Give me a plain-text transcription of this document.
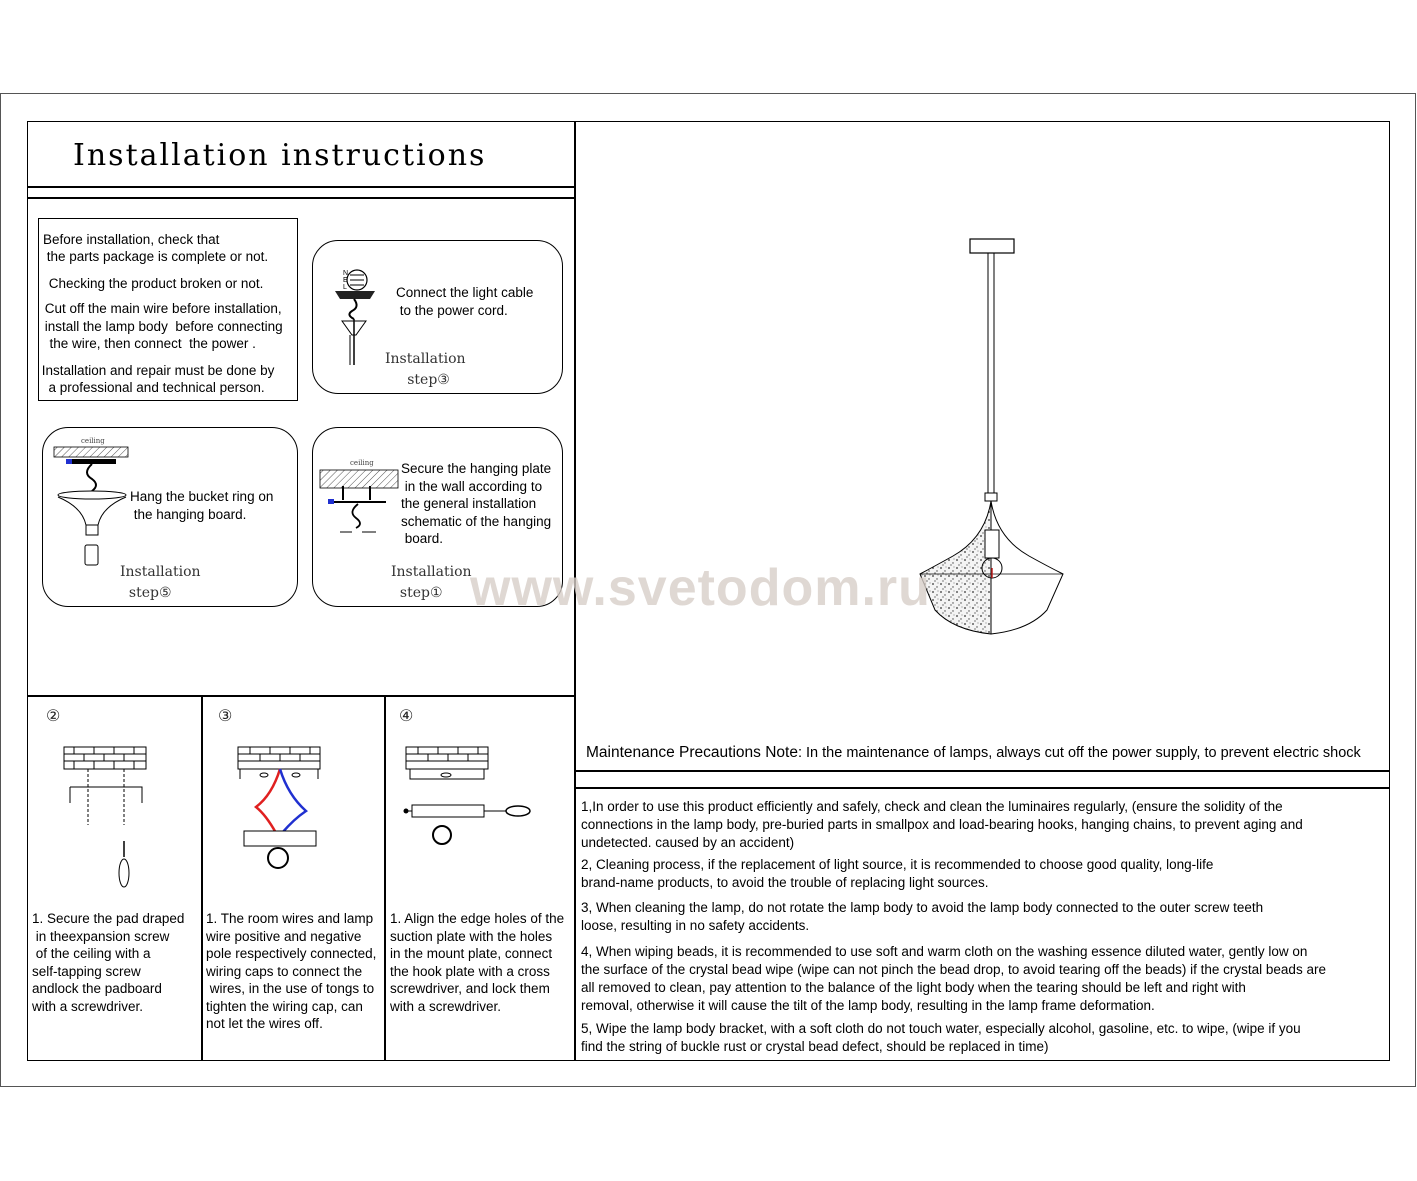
Installation instructions
Before installation, check that
the parts package is complete or not.
Checking the product broken or not.
Cut off the main wire before installation,
install the lamp body  before connecting
the wire, then connect  the power .
Installation and repair must be done by
a professional and technical person.
N
E
L	Connect the light cable
to the power cord.
Installation
step③
ceiling
Hang the bucket ring on
the hanging board.
Installation
step⑤
ceiling Secure the hanging plate
in the wall according to
the general installation
schematic of the hanging
board.
Installation
step①
②
1. Secure the pad draped
in theexpansion screw
of the ceiling with a
self-tapping screw
andlock the padboard
with a screwdriver.
③
1. The room wires and lamp
wire positive and negative
pole respectively connected,
wiring caps to connect the
wires, in the use of tongs to
tighten the wiring cap, can
not let the wires off.
④
1. Align the edge holes of the
suction plate with the holes
in the mount plate, connect
the hook plate with a cross
screwdriver, and lock them
with a screwdriver.
www.svetodom.ru
Maintenance Precautions Note: In the maintenance of lamps, always cut off the power supply, to prevent electric shock
1,In order to use this product efficiently and safely, check and clean the luminaires regularly, (ensure the solidity of the
connections in the lamp body, pre-buried parts in smallpox and load-bearing hooks, hanging chains, to prevent aging and
undetected. caused by an accident)
2, Cleaning process, if the replacement of light source, it is recommended to choose good quality, long-life
brand-name products, to avoid the trouble of replacing light sources.
3, When cleaning the lamp, do not rotate the lamp body to avoid the lamp body connected to the outer screw teeth
loose, resulting in no safety accidents.
4, When wiping beads, it is recommended to use soft and warm cloth on the washing essence diluted water, gently low on
the surface of the crystal bead wipe (wipe can not pinch the bead drop, to avoid tearing off the beads) if the crystal beads are
all removed to clean, pay attention to the balance of the light body when the tearing should be left and right with
removal, otherwise it will cause the tilt of the lamp body, resulting in the lamp frame deformation.
5, Wipe the lamp body bracket, with a soft cloth do not touch water, especially alcohol, gasoline, etc. to wipe, (wipe if you
find the string of buckle rust or crystal bead defect, should be replaced in time)
